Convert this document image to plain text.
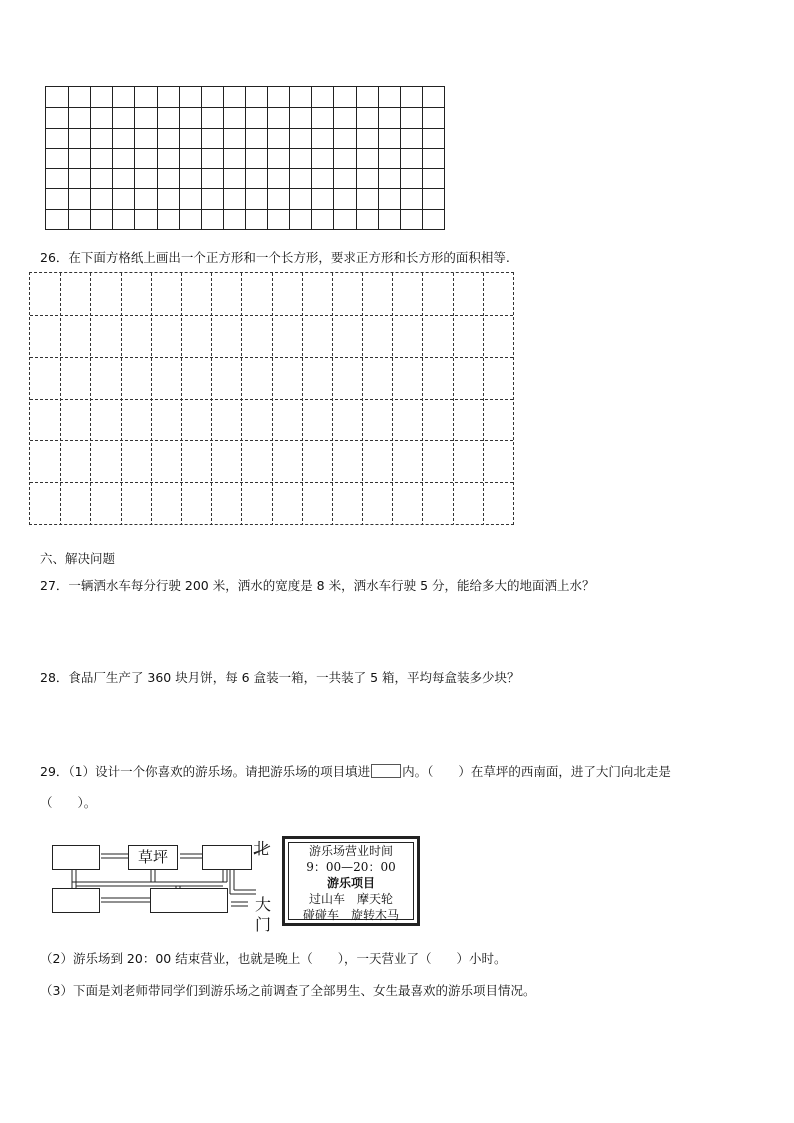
26．在下面方格纸上画出一个正方形和一个长方形，要求正方形和长方形的面积相等.
六、解决问题
27．一辆洒水车每分行驶 200 米，洒水的宽度是 8 米，洒水车行驶 5 分，能给多大的地面洒上水？
28．食品厂生产了 360 块月饼，每 6 盒装一箱，一共装了 5 箱，平均每盒装多少块？
29．（1）设计一个你喜欢的游乐场。请把游乐场的项目填进	内。（　　）在草坪的西南面，进了大门向北走是
（　　）。
草坪	北
大
门
游乐场营业时间
9：00—20：00
游乐项目
过山车　摩天轮
碰碰车　旋转木马
（2）游乐场到 20：00 结束营业，也就是晚上（　　），一天营业了（　　）小时。
（3）下面是刘老师带同学们到游乐场之前调查了全部男生、女生最喜欢的游乐项目情况。
